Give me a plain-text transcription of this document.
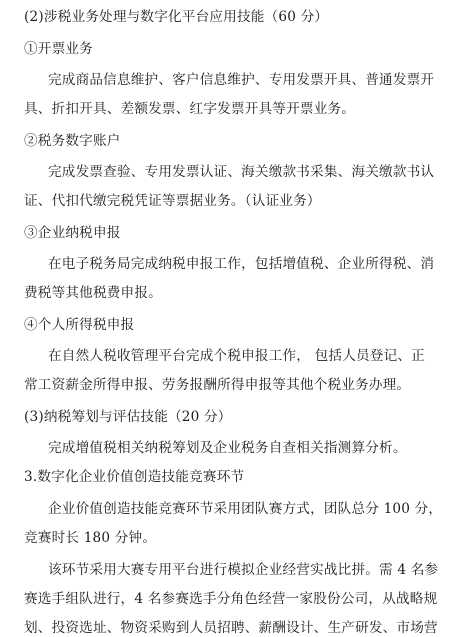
(2)涉税业务处理与数字化平台应用技能（60 分）
①开票业务
完成商品信息维护、客户信息维护、专用发票开具、普通发票开
具、折扣开具、差额发票、红字发票开具等开票业务。
②税务数字账户
完成发票查验、专用发票认证、海关缴款书采集、海关缴款书认
证、代扣代缴完税凭证等票据业务。（认证业务）
③企业纳税申报
在电子税务局完成纳税申报工作，包括增值税、企业所得税、消
费税等其他税费申报。
④个人所得税申报
在自然人税收管理平台完成个税申报工作， 包括人员登记、正
常工资薪金所得申报、劳务报酬所得申报等其他个税业务办理。
(3)纳税筹划与评估技能（20 分）
完成增值税相关纳税筹划及企业税务自查相关指测算分析。
3.数字化企业价值创造技能竞赛环节
企业价值创造技能竞赛环节采用团队赛方式，团队总分 100 分，
竞赛时长 180 分钟。
该环节采用大赛专用平台进行模拟企业经营实战比拼。需 4 名参
赛选手组队进行，4 名参赛选手分角色经营一家股份公司，从战略规
划、投资选址、物资采购到人员招聘、薪酬设计、生产研发、市场营
